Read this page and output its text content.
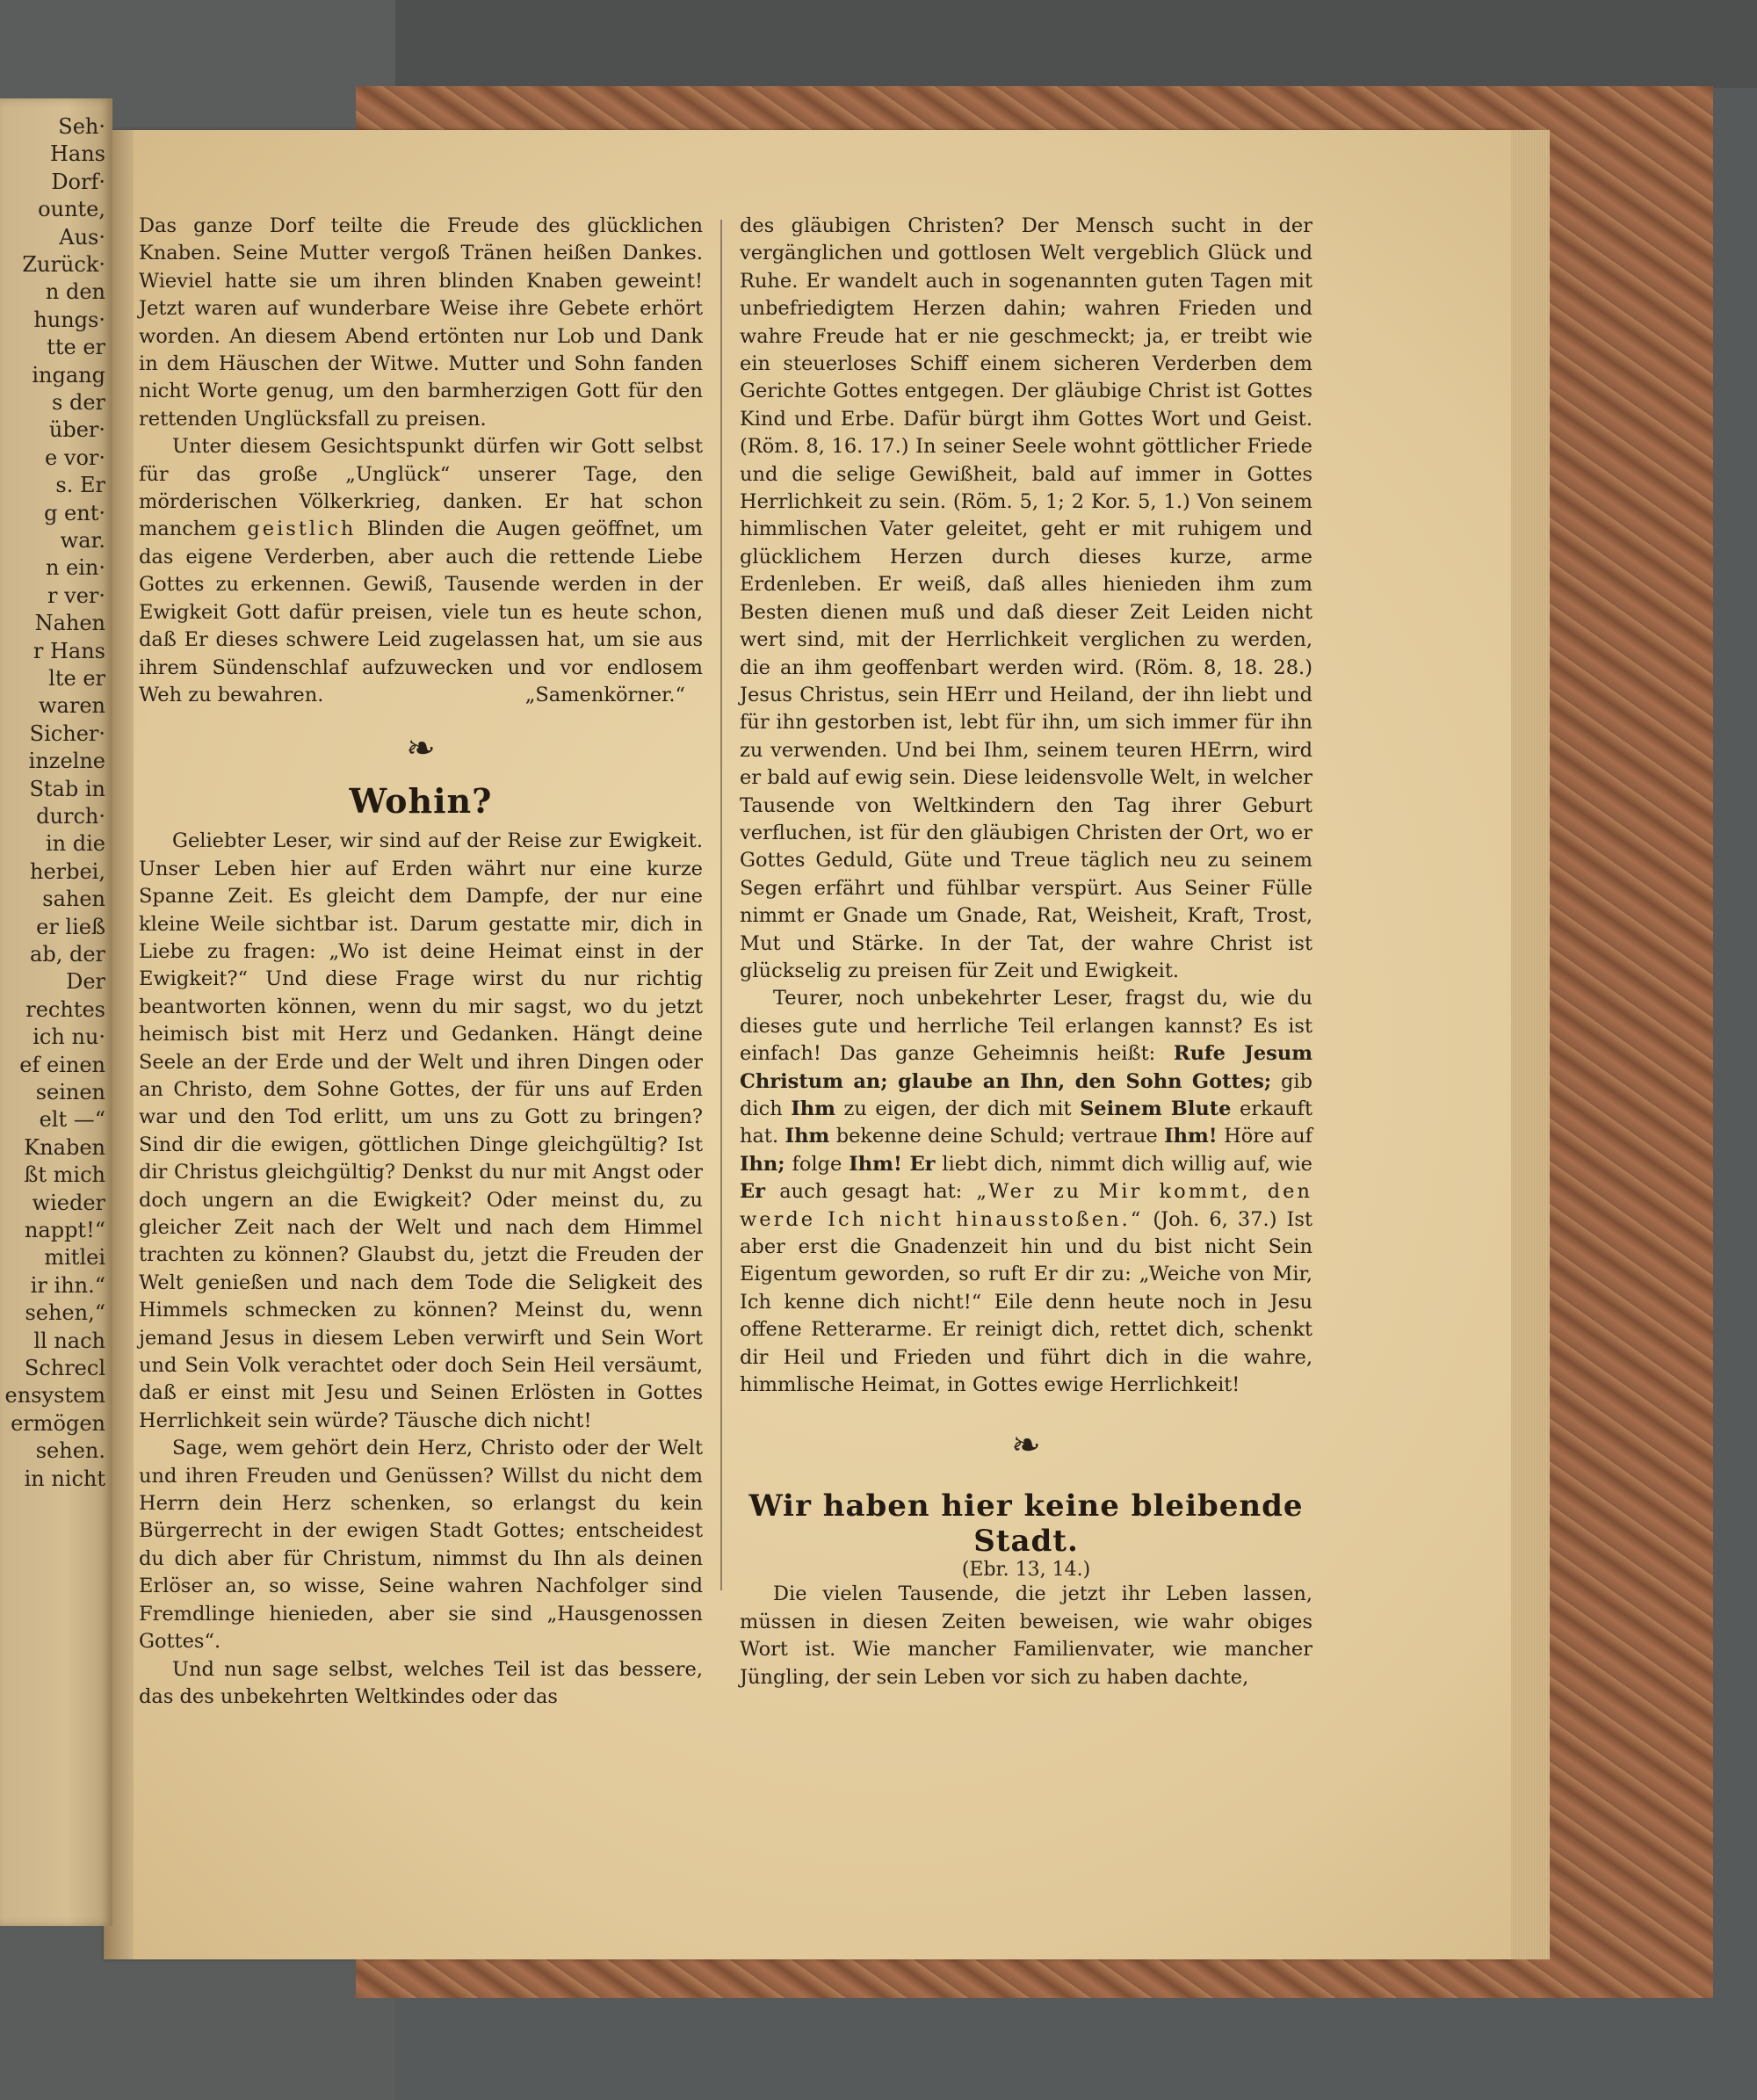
Seh·
Hans
Dorf·
ounte,
Aus·
Zurück·
n den
hungs·
tte er
ingang
s der
über·
e vor·
s. Er
g ent·
war.
n ein·
r ver·
Nahen
r Hans
lte er
waren
Sicher·
inzelne
Stab in
durch·
in die
herbei,
sahen
er ließ
ab, der
Der
rechtes
ich nu·
ef einen
seinen
elt —“
Knaben
ßt mich
wieder
nappt!“
mitlei
ir ihn.“
sehen,“
ll nach
Schrecl
ensystem
ermögen
sehen.
in nicht

Das ganze Dorf teilte die Freude des glücklichen Knaben. Seine Mutter vergoß Tränen heißen Dankes. Wieviel hatte sie um ihren blinden Knaben geweint! Jetzt waren auf wunderbare Weise ihre Gebete erhört worden. An diesem Abend ertönten nur Lob und Dank in dem Häuschen der Witwe. Mutter und Sohn fanden nicht Worte genug, um den barmherzigen Gott für den rettenden Unglücksfall zu preisen.

Unter diesem Gesichtspunkt dürfen wir Gott selbst für das große „Unglück“ unserer Tage, den mörderischen Völkerkrieg, danken. Er hat schon manchem geistlich Blinden die Augen geöffnet, um das eigene Verderben, aber auch die rettende Liebe Gottes zu erkennen. Gewiß, Tausende werden in der Ewigkeit Gott dafür preisen, viele tun es heute schon, daß Er dieses schwere Leid zugelassen hat, um sie aus ihrem Sündenschlaf aufzuwecken und vor endlosem Weh zu bewahren.	„Samenkörner.“

❧
Wohin?

Geliebter Leser, wir sind auf der Reise zur Ewigkeit. Unser Leben hier auf Erden währt nur eine kurze Spanne Zeit. Es gleicht dem Dampfe, der nur eine kleine Weile sichtbar ist. Darum gestatte mir, dich in Liebe zu fragen: „Wo ist deine Heimat einst in der Ewigkeit?“ Und diese Frage wirst du nur richtig beantworten können, wenn du mir sagst, wo du jetzt heimisch bist mit Herz und Gedanken. Hängt deine Seele an der Erde und der Welt und ihren Dingen oder an Christo, dem Sohne Gottes, der für uns auf Erden war und den Tod erlitt, um uns zu Gott zu bringen? Sind dir die ewigen, göttlichen Dinge gleichgültig? Ist dir Christus gleichgültig? Denkst du nur mit Angst oder doch ungern an die Ewigkeit? Oder meinst du, zu gleicher Zeit nach der Welt und nach dem Himmel trachten zu können? Glaubst du, jetzt die Freuden der Welt genießen und nach dem Tode die Seligkeit des Himmels schmecken zu können? Meinst du, wenn jemand Jesus in diesem Leben verwirft und Sein Wort und Sein Volk verachtet oder doch Sein Heil versäumt, daß er einst mit Jesu und Seinen Erlösten in Gottes Herrlichkeit sein würde? Täusche dich nicht!

Sage, wem gehört dein Herz, Christo oder der Welt und ihren Freuden und Genüssen? Willst du nicht dem Herrn dein Herz schenken, so erlangst du kein Bürgerrecht in der ewigen Stadt Gottes; entscheidest du dich aber für Christum, nimmst du Ihn als deinen Erlöser an, so wisse, Seine wahren Nachfolger sind Fremdlinge hienieden, aber sie sind „Hausgenossen Gottes“.

Und nun sage selbst, welches Teil ist das bessere, das des unbekehrten Weltkindes oder das

des gläubigen Christen? Der Mensch sucht in der vergänglichen und gottlosen Welt vergeblich Glück und Ruhe. Er wandelt auch in sogenannten guten Tagen mit unbefriedigtem Herzen dahin; wahren Frieden und wahre Freude hat er nie geschmeckt; ja, er treibt wie ein steuerloses Schiff einem sicheren Verderben dem Gerichte Gottes entgegen. Der gläubige Christ ist Gottes Kind und Erbe. Dafür bürgt ihm Gottes Wort und Geist. (Röm. 8, 16. 17.) In seiner Seele wohnt göttlicher Friede und die selige Gewißheit, bald auf immer in Gottes Herrlichkeit zu sein. (Röm. 5, 1; 2 Kor. 5, 1.) Von seinem himmlischen Vater geleitet, geht er mit ruhigem und glücklichem Herzen durch dieses kurze, arme Erdenleben. Er weiß, daß alles hienieden ihm zum Besten dienen muß und daß dieser Zeit Leiden nicht wert sind, mit der Herrlichkeit verglichen zu werden, die an ihm geoffenbart werden wird. (Röm. 8, 18. 28.) Jesus Christus, sein HErr und Heiland, der ihn liebt und für ihn gestorben ist, lebt für ihn, um sich immer für ihn zu verwenden. Und bei Ihm, seinem teuren HErrn, wird er bald auf ewig sein. Diese leidensvolle Welt, in welcher Tausende von Weltkindern den Tag ihrer Geburt verfluchen, ist für den gläubigen Christen der Ort, wo er Gottes Geduld, Güte und Treue täglich neu zu seinem Segen erfährt und fühlbar verspürt. Aus Seiner Fülle nimmt er Gnade um Gnade, Rat, Weisheit, Kraft, Trost, Mut und Stärke. In der Tat, der wahre Christ ist glückselig zu preisen für Zeit und Ewigkeit.

Teurer, noch unbekehrter Leser, fragst du, wie du dieses gute und herrliche Teil erlangen kannst? Es ist einfach! Das ganze Geheimnis heißt: Rufe Jesum Christum an; glaube an Ihn, den Sohn Gottes; gib dich Ihm zu eigen, der dich mit Seinem Blute erkauft hat. Ihm bekenne deine Schuld; vertraue Ihm! Höre auf Ihn; folge Ihm! Er liebt dich, nimmt dich willig auf, wie Er auch gesagt hat: „Wer zu Mir kommt, den werde Ich nicht hinausstoßen.“ (Joh. 6, 37.) Ist aber erst die Gnadenzeit hin und du bist nicht Sein Eigentum geworden, so ruft Er dir zu: „Weiche von Mir, Ich kenne dich nicht!“ Eile denn heute noch in Jesu offene Retterarme. Er reinigt dich, rettet dich, schenkt dir Heil und Frieden und führt dich in die wahre, himmlische Heimat, in Gottes ewige Herrlichkeit!

❧
Wir haben hier keine bleibende Stadt.
(Ebr. 13, 14.)

Die vielen Tausende, die jetzt ihr Leben lassen, müssen in diesen Zeiten beweisen, wie wahr obiges Wort ist. Wie mancher Familienvater, wie mancher Jüngling, der sein Leben vor sich zu haben dachte,
